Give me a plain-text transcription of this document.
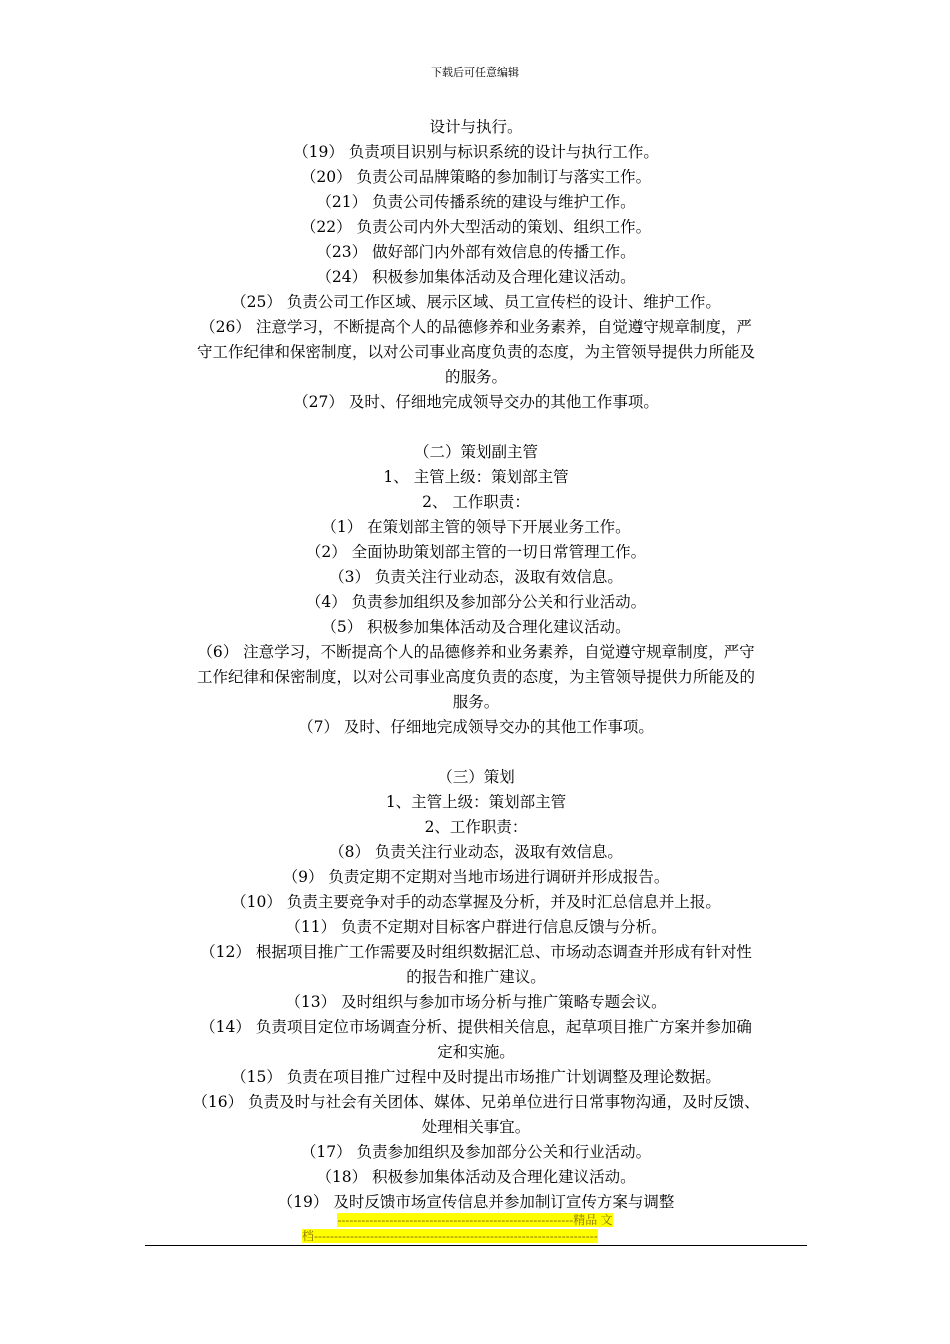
下载后可任意编辑

设计与执行。

（19） 负责项目识别与标识系统的设计与执行工作。

（20） 负责公司品牌策略的参加制订与落实工作。

（21） 负责公司传播系统的建设与维护工作。

（22） 负责公司内外大型活动的策划、组织工作。

（23） 做好部门内外部有效信息的传播工作。

（24） 积极参加集体活动及合理化建议活动。

（25） 负责公司工作区域、展示区域、员工宣传栏的设计、维护工作。

（26） 注意学习，不断提高个人的品德修养和业务素养，自觉遵守规章制度，严

守工作纪律和保密制度，以对公司事业高度负责的态度，为主管领导提供力所能及

的服务。

（27） 及时、仔细地完成领导交办的其他工作事项。

（二）策划副主管

1、 主管上级：策划部主管

2、 工作职责：

（1） 在策划部主管的领导下开展业务工作。

（2） 全面协助策划部主管的一切日常管理工作。

（3） 负责关注行业动态，汲取有效信息。

（4） 负责参加组织及参加部分公关和行业活动。

（5） 积极参加集体活动及合理化建议活动。

（6） 注意学习，不断提高个人的品德修养和业务素养，自觉遵守规章制度，严守

工作纪律和保密制度，以对公司事业高度负责的态度，为主管领导提供力所能及的

服务。

（7） 及时、仔细地完成领导交办的其他工作事项。

（三）策划

1、主管上级：策划部主管

2、工作职责：

（8） 负责关注行业动态，汲取有效信息。

（9） 负责定期不定期对当地市场进行调研并形成报告。

（10） 负责主要竞争对手的动态掌握及分析，并及时汇总信息并上报。

（11） 负责不定期对目标客户群进行信息反馈与分析。

（12） 根据项目推广工作需要及时组织数据汇总、市场动态调查并形成有针对性

的报告和推广建议。

（13） 及时组织与参加市场分析与推广策略专题会议。

（14） 负责项目定位市场调查分析、提供相关信息，起草项目推广方案并参加确

定和实施。

（15） 负责在项目推广过程中及时提出市场推广计划调整及理论数据。

（16） 负责及时与社会有关团体、媒体、兄弟单位进行日常事物沟通，及时反馈、

处理相关事宜。

（17） 负责参加组织及参加部分公关和行业活动。

（18） 积极参加集体活动及合理化建议活动。

（19） 及时反馈市场宣传信息并参加制订宣传方案与调整

-----------------------------------------------------------精品 文
档-----------------------------------------------------------------------
